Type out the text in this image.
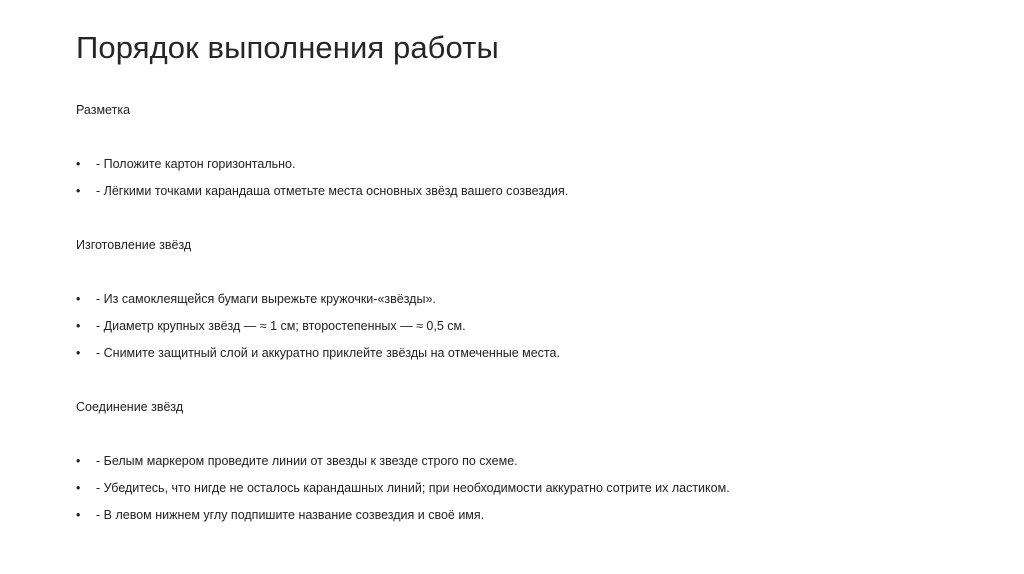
Порядок выполнения работы
Разметка
• - Положите картон горизонтально.
• - Лёгкими точками карандаша отметьте места основных звёзд вашего созвездия.
Изготовление звёзд
• - Из самоклеящейся бумаги вырежьте кружочки-«звёзды».
• - Диаметр крупных звёзд — ≈ 1 см; второстепенных — ≈ 0,5 см.
• - Снимите защитный слой и аккуратно приклейте звёзды на отмеченные места.
Соединение звёзд
• - Белым маркером проведите линии от звезды к звезде строго по схеме.
• - Убедитесь, что нигде не осталось карандашных линий; при необходимости аккуратно сотрите их ластиком.
• - В левом нижнем углу подпишите название созвездия и своё имя.
